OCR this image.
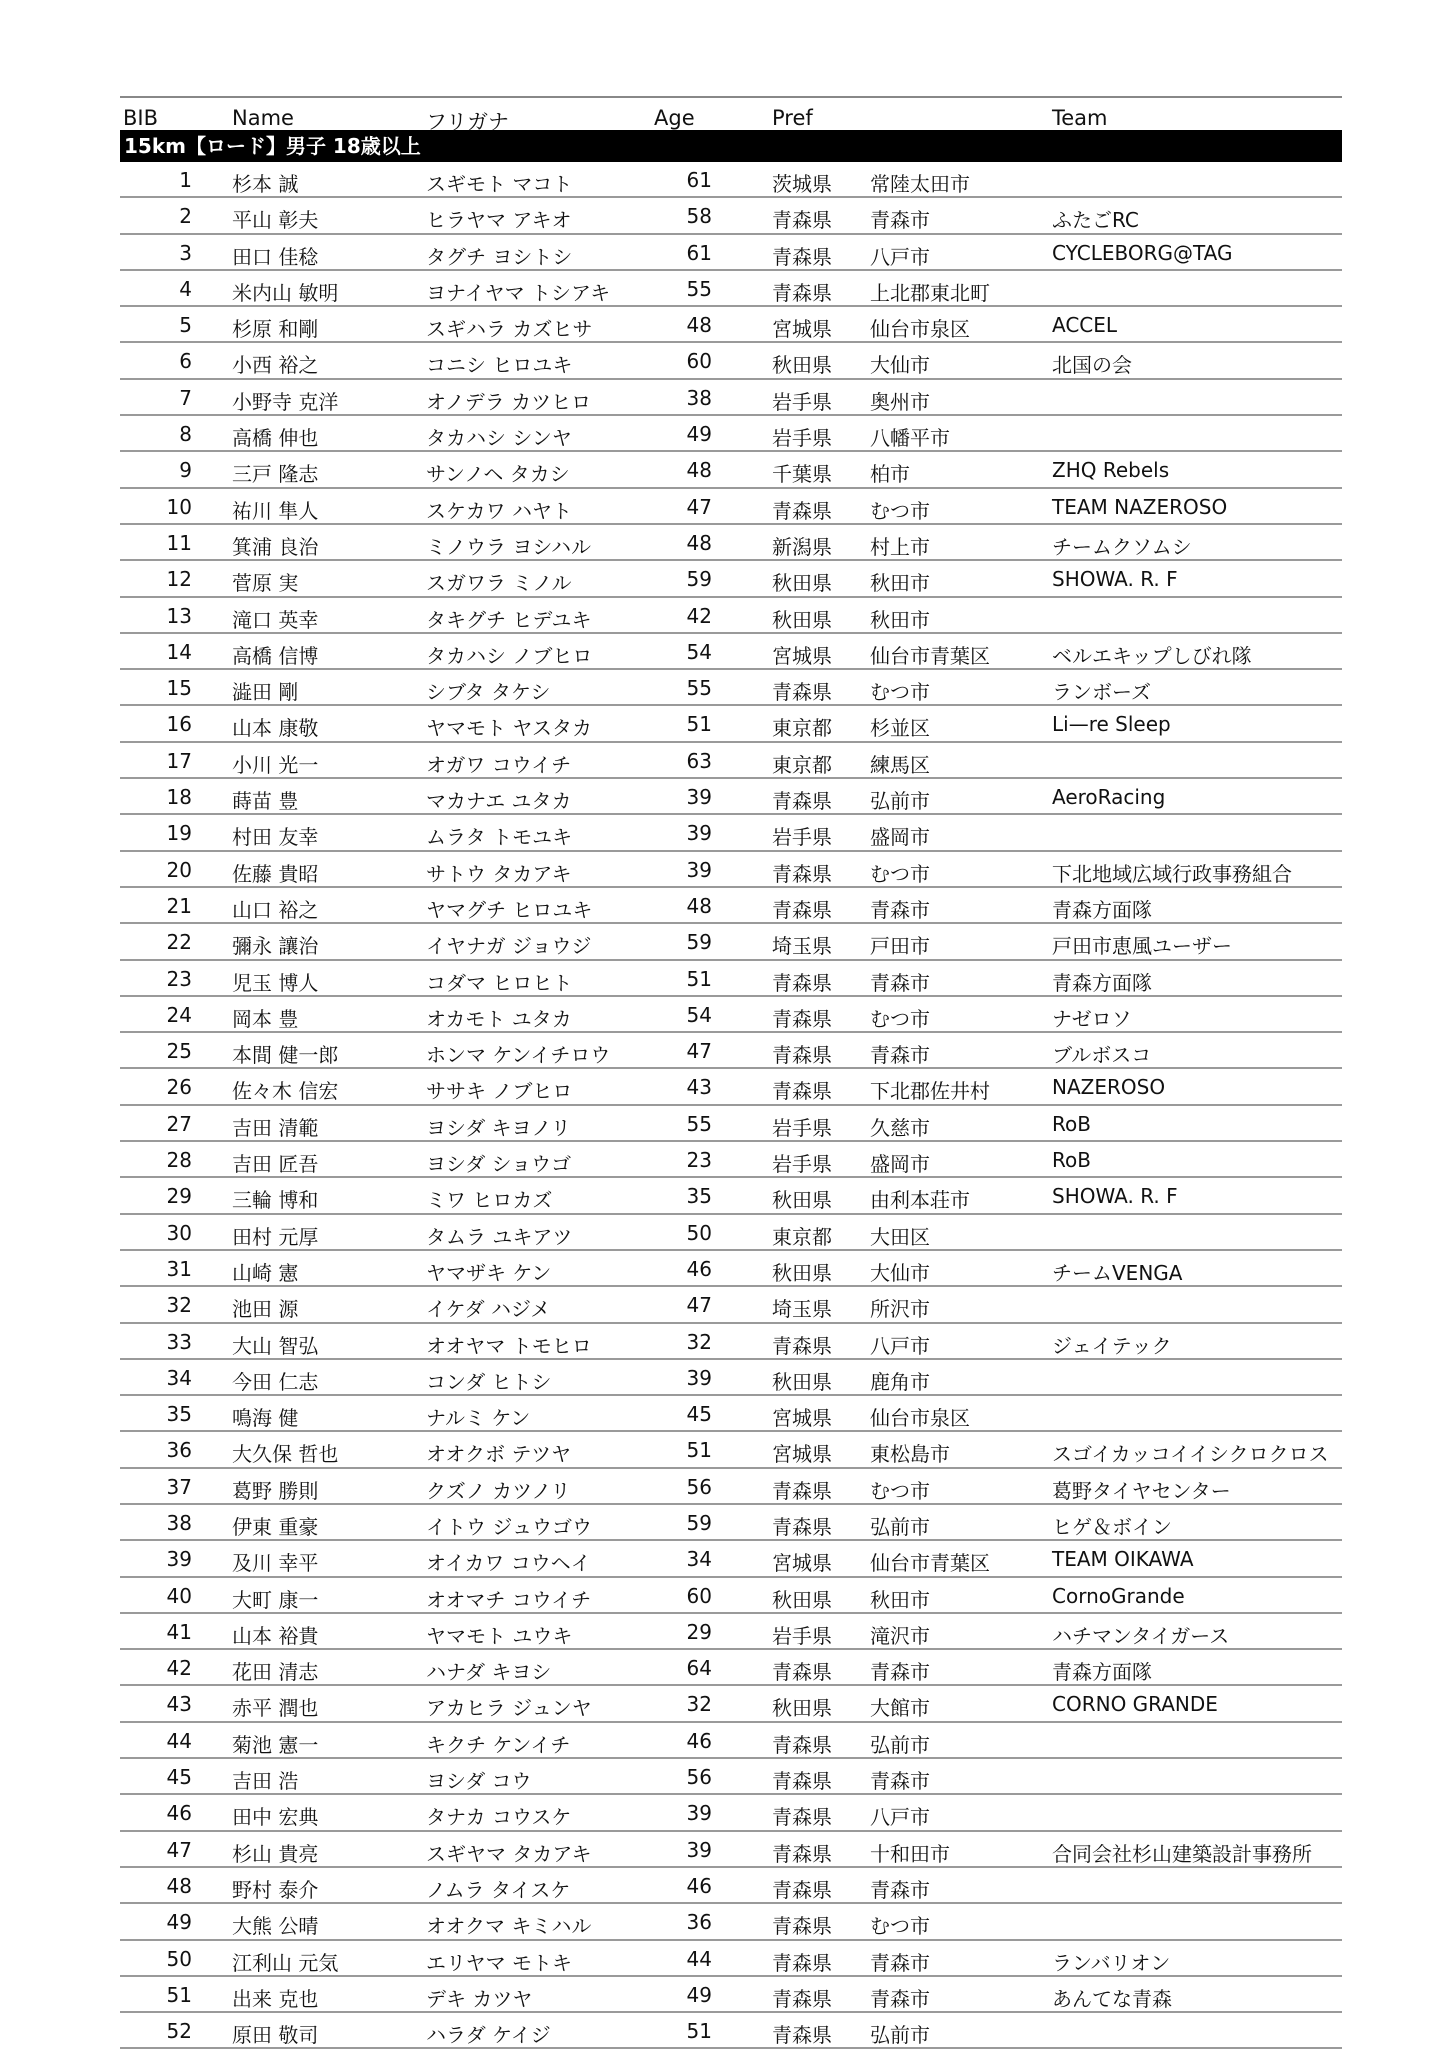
BIB	Name	フリガナ	Age	Pref	Team
15km【ロード】男子 18歳以上
1 杉本 誠	スギモト マコト	61	茨城県 常陸太田市
2 平山 彰夫	ヒラヤマ アキオ	58	青森県 青森市	ふたごRC
3 田口 佳稔	タグチ ヨシトシ	61	青森県 八戸市	CYCLEBORG@TAG
4 米内山 敏明	ヨナイヤマ トシアキ	55	青森県 上北郡東北町
5 杉原 和剛	スギハラ カズヒサ	48	宮城県 仙台市泉区	ACCEL
6 小西 裕之	コニシ ヒロユキ	60	秋田県 大仙市	北国の会
7 小野寺 克洋	オノデラ カツヒロ	38	岩手県 奥州市
8 高橋 伸也	タカハシ シンヤ	49	岩手県 八幡平市
9 三戸 隆志	サンノヘ タカシ	48	千葉県 柏市	ZHQ Rebels
10 祐川 隼人	スケカワ ハヤト	47	青森県 むつ市	TEAM NAZEROSO
11 箕浦 良治	ミノウラ ヨシハル	48	新潟県 村上市	チームクソムシ
12 菅原 実	スガワラ ミノル	59	秋田県 秋田市	SHOWA. R. F
13 滝口 英幸	タキグチ ヒデユキ	42	秋田県 秋田市
14 高橋 信博	タカハシ ノブヒロ	54	宮城県 仙台市青葉区	ベルエキップしびれ隊
15 澁田 剛	シブタ タケシ	55	青森県 むつ市	ランボーズ
16 山本 康敬	ヤマモト ヤスタカ	51	東京都 杉並区	Li—re Sleep
17 小川 光一	オガワ コウイチ	63	東京都 練馬区
18 蒔苗 豊	マカナエ ユタカ	39	青森県 弘前市	AeroRacing
19 村田 友幸	ムラタ トモユキ	39	岩手県 盛岡市
20 佐藤 貴昭	サトウ タカアキ	39	青森県 むつ市	下北地域広域行政事務組合
21 山口 裕之	ヤマグチ ヒロユキ	48	青森県 青森市	青森方面隊
22 彌永 讓治	イヤナガ ジョウジ	59	埼玉県 戸田市	戸田市恵風ユーザー
23 児玉 博人	コダマ ヒロヒト	51	青森県 青森市	青森方面隊
24 岡本 豊	オカモト ユタカ	54	青森県 むつ市	ナゼロソ
25 本間 健一郎	ホンマ ケンイチロウ	47	青森県 青森市	ブルボスコ
26 佐々木 信宏	ササキ ノブヒロ	43	青森県 下北郡佐井村	NAZEROSO
27 吉田 清範	ヨシダ キヨノリ	55	岩手県 久慈市	RoB
28 吉田 匠吾	ヨシダ ショウゴ	23	岩手県 盛岡市	RoB
29 三輪 博和	ミワ ヒロカズ	35	秋田県 由利本荘市	SHOWA. R. F
30 田村 元厚	タムラ ユキアツ	50	東京都 大田区
31 山崎 憲	ヤマザキ ケン	46	秋田県 大仙市	チームVENGA
32 池田 源	イケダ ハジメ	47	埼玉県 所沢市
33 大山 智弘	オオヤマ トモヒロ	32	青森県 八戸市	ジェイテック
34 今田 仁志	コンダ ヒトシ	39	秋田県 鹿角市
35 鳴海 健	ナルミ ケン	45	宮城県 仙台市泉区
36 大久保 哲也	オオクボ テツヤ	51	宮城県 東松島市	スゴイカッコイイシクロクロス
37 葛野 勝則	クズノ カツノリ	56	青森県 むつ市	葛野タイヤセンター
38 伊東 重豪	イトウ ジュウゴウ	59	青森県 弘前市	ヒゲ＆ボイン
39 及川 幸平	オイカワ コウヘイ	34	宮城県 仙台市青葉区	TEAM OIKAWA
40 大町 康一	オオマチ コウイチ	60	秋田県 秋田市	CornoGrande
41 山本 裕貴	ヤマモト ユウキ	29	岩手県 滝沢市	ハチマンタイガース
42 花田 清志	ハナダ キヨシ	64	青森県 青森市	青森方面隊
43 赤平 潤也	アカヒラ ジュンヤ	32	秋田県 大館市	CORNO GRANDE
44 菊池 憲一	キクチ ケンイチ	46	青森県 弘前市
45 吉田 浩	ヨシダ コウ	56	青森県 青森市
46 田中 宏典	タナカ コウスケ	39	青森県 八戸市
47 杉山 貴亮	スギヤマ タカアキ	39	青森県 十和田市	合同会社杉山建築設計事務所
48 野村 泰介	ノムラ タイスケ	46	青森県 青森市
49 大熊 公晴	オオクマ キミハル	36	青森県 むつ市
50 江利山 元気	エリヤマ モトキ	44	青森県 青森市	ランバリオン
51 出来 克也	デキ カツヤ	49	青森県 青森市	あんてな青森
52 原田 敬司	ハラダ ケイジ	51	青森県 弘前市
